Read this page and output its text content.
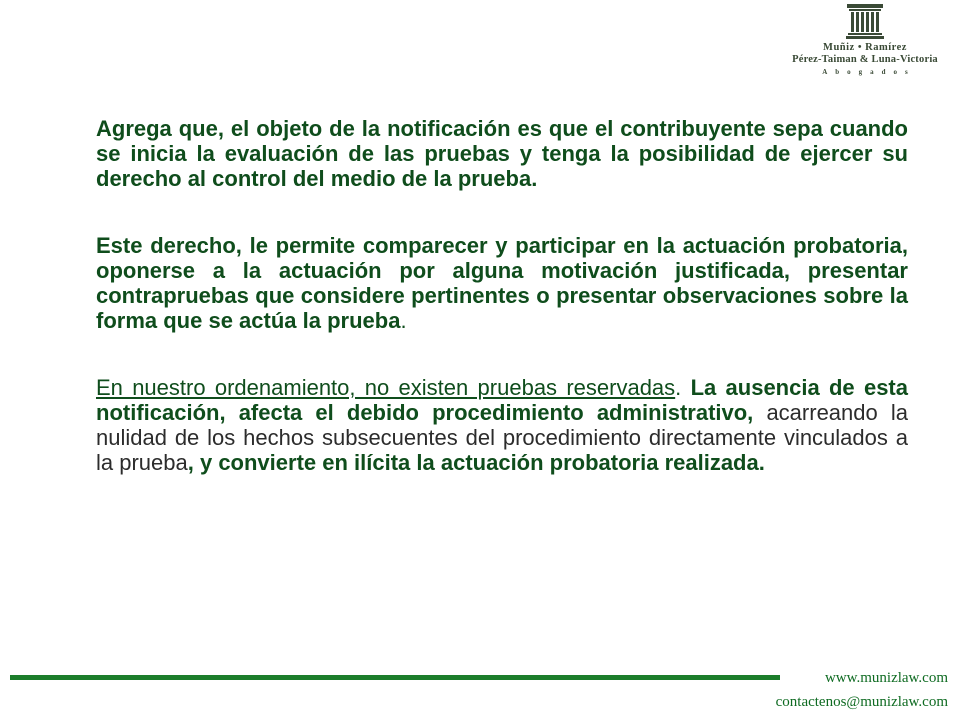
Muñiz • Ramírez
Pérez-Taiman & Luna-Victoria
Abogados

Agrega que, el objeto de la notificación es que el contribuyente sepa cuando se inicia la evaluación de las pruebas y tenga la posibilidad de ejercer su derecho al control del medio de la prueba.

Este derecho, le permite comparecer y participar en la actuación probatoria, oponerse a la actuación por alguna motivación justificada, presentar contrapruebas que considere pertinentes o presentar observaciones sobre la forma que se actúa la prueba.

En nuestro ordenamiento, no existen pruebas reservadas. La ausencia de esta notificación, afecta el debido procedimiento administrativo, acarreando la nulidad de los hechos subsecuentes del procedimiento directamente vinculados a la prueba, y convierte en ilícita la actuación probatoria realizada.

www.munizlaw.com
contactenos@munizlaw.com
